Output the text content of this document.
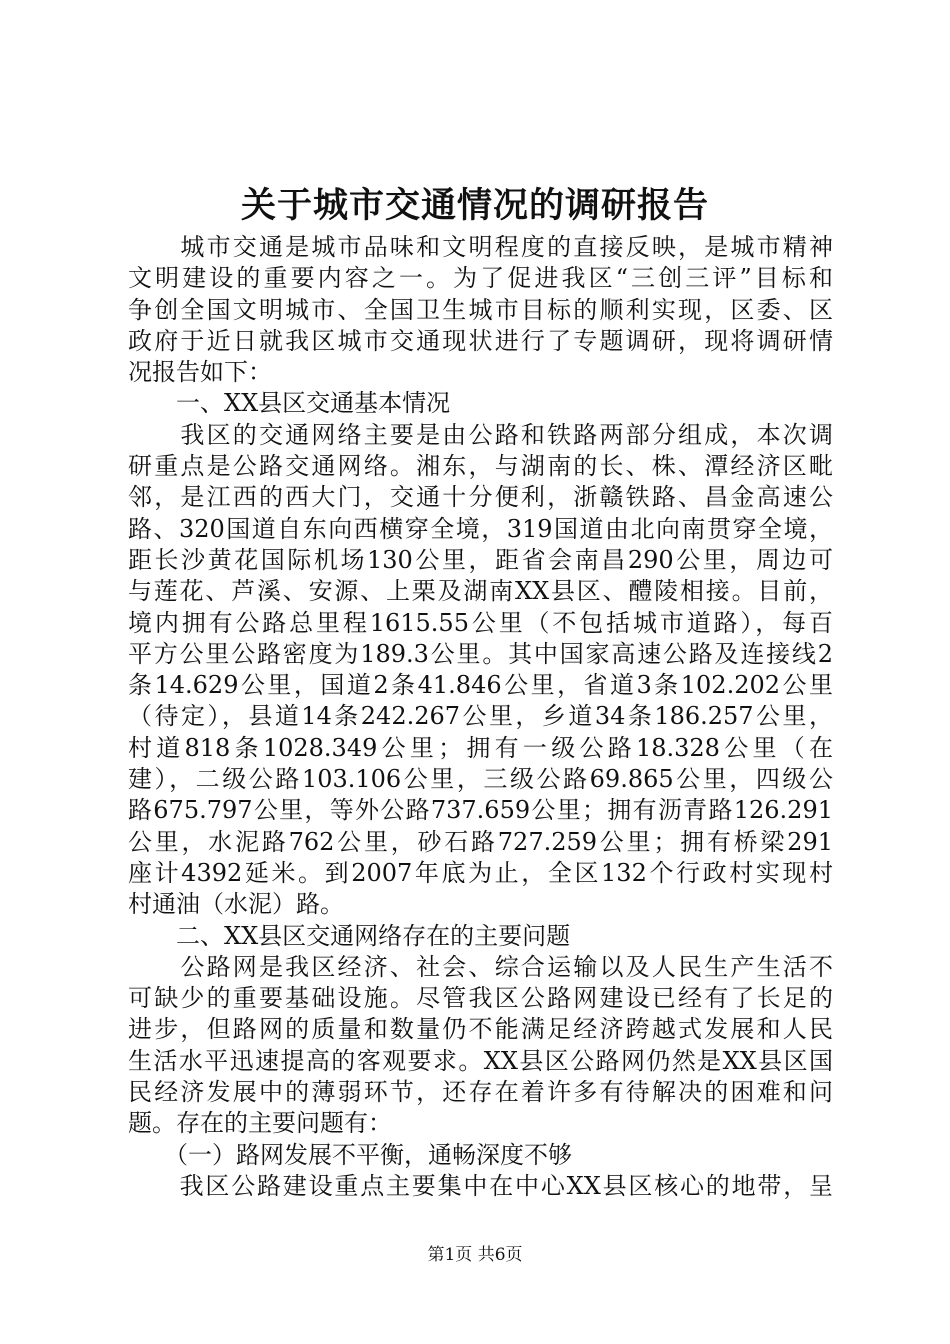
关于城市交通情况的调研报告
　　城市交通是城市品味和文明程度的直接反映，是城市精神
文明建设的重要内容之一。为了促进我区“三创三评”目标和
争创全国文明城市、全国卫生城市目标的顺利实现，区委、区
政府于近日就我区城市交通现状进行了专题调研，现将调研情
况报告如下：
　　一、XX县区交通基本情况
　　我区的交通网络主要是由公路和铁路两部分组成，本次调
研重点是公路交通网络。湘东，与湖南的长、株、潭经济区毗
邻，是江西的西大门，交通十分便利，浙赣铁路、昌金高速公
路、320国道自东向西横穿全境，319国道由北向南贯穿全境，
距长沙黄花国际机场130公里，距省会南昌290公里，周边可
与莲花、芦溪、安源、上栗及湖南XX县区、醴陵相接。目前，
境内拥有公路总里程1615.55公里（不包括城市道路），每百
平方公里公路密度为189.3公里。其中国家高速公路及连接线2
条14.629公里，国道2条41.846公里，省道3条102.202公里
（待定），县道14条242.267公里，乡道34条186.257公里，
村道818条1028.349公里；拥有一级公路18.328公里（在
建），二级公路103.106公里，三级公路69.865公里，四级公
路675.797公里，等外公路737.659公里；拥有沥青路126.291
公里，水泥路762公里，砂石路727.259公里；拥有桥梁291
座计4392延米。到2007年底为止，全区132个行政村实现村
村通油（水泥）路。
　　二、XX县区交通网络存在的主要问题
　　公路网是我区经济、社会、综合运输以及人民生产生活不
可缺少的重要基础设施。尽管我区公路网建设已经有了长足的
进步，但路网的质量和数量仍不能满足经济跨越式发展和人民
生活水平迅速提高的客观要求。XX县区公路网仍然是XX县区国
民经济发展中的薄弱环节，还存在着许多有待解决的困难和问
题。存在的主要问题有：
　　（一）路网发展不平衡，通畅深度不够
　　我区公路建设重点主要集中在中心XX县区核心的地带，呈
第1页 共6页
